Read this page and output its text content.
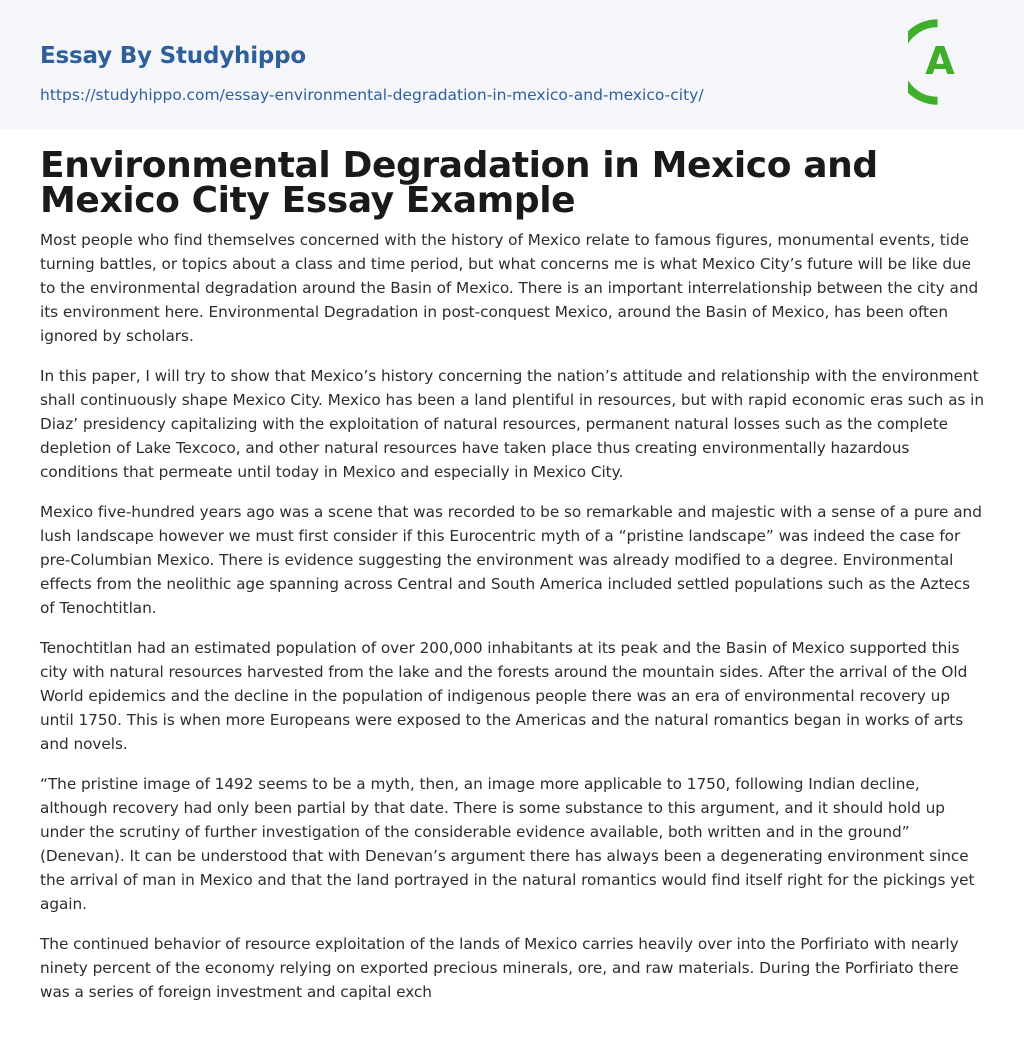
Essay By Studyhippo
https://studyhippo.com/essay-environmental-degradation-in-mexico-and-mexico-city/
A
Environmental Degradation in Mexico and Mexico City Essay Example

Most people who find themselves concerned with the history of Mexico relate to famous figures, monumental events, tide turning battles, or topics about a class and time period, but what concerns me is what Mexico City’s future will be like due to the environmental degradation around the Basin of Mexico. There is an important interrelationship between the city and its environment here. Environmental Degradation in post-conquest Mexico, around the Basin of Mexico, has been often ignored by scholars.

In this paper, I will try to show that Mexico’s history concerning the nation’s attitude and relationship with the environment shall continuously shape Mexico City. Mexico has been a land plentiful in resources, but with rapid economic eras such as in Diaz’ presidency capitalizing with the exploitation of natural resources, permanent natural losses such as the complete depletion of Lake Texcoco, and other natural resources have taken place thus creating environmentally hazardous conditions that permeate until today in Mexico and especially in Mexico City.

Mexico five-hundred years ago was a scene that was recorded to be so remarkable and majestic with a sense of a pure and lush landscape however we must first consider if this Eurocentric myth of a “pristine landscape” was indeed the case for pre-Columbian Mexico. There is evidence suggesting the environment was already modified to a degree. Environmental effects from the neolithic age spanning across Central and South America included settled populations such as the Aztecs of Tenochtitlan.

Tenochtitlan had an estimated population of over 200,000 inhabitants at its peak and the Basin of Mexico supported this city with natural resources harvested from the lake and the forests around the mountain sides. After the arrival of the Old World epidemics and the decline in the population of indigenous people there was an era of environmental recovery up until 1750. This is when more Europeans were exposed to the Americas and the natural romantics began in works of arts and novels.

“The pristine image of 1492 seems to be a myth, then, an image more applicable to 1750, following Indian decline, although recovery had only been partial by that date. There is some substance to this argument, and it should hold up under the scrutiny of further investigation of the considerable evidence available, both written and in the ground” (Denevan). It can be understood that with Denevan’s argument there has always been a degenerating environment since the arrival of man in Mexico and that the land portrayed in the natural romantics would find itself right for the pickings yet again.

The continued behavior of resource exploitation of the lands of Mexico carries heavily over into the Porfiriato with nearly ninety percent of the economy relying on exported precious minerals, ore, and raw materials. During the Porfiriato there was a series of foreign investment and capital exch
